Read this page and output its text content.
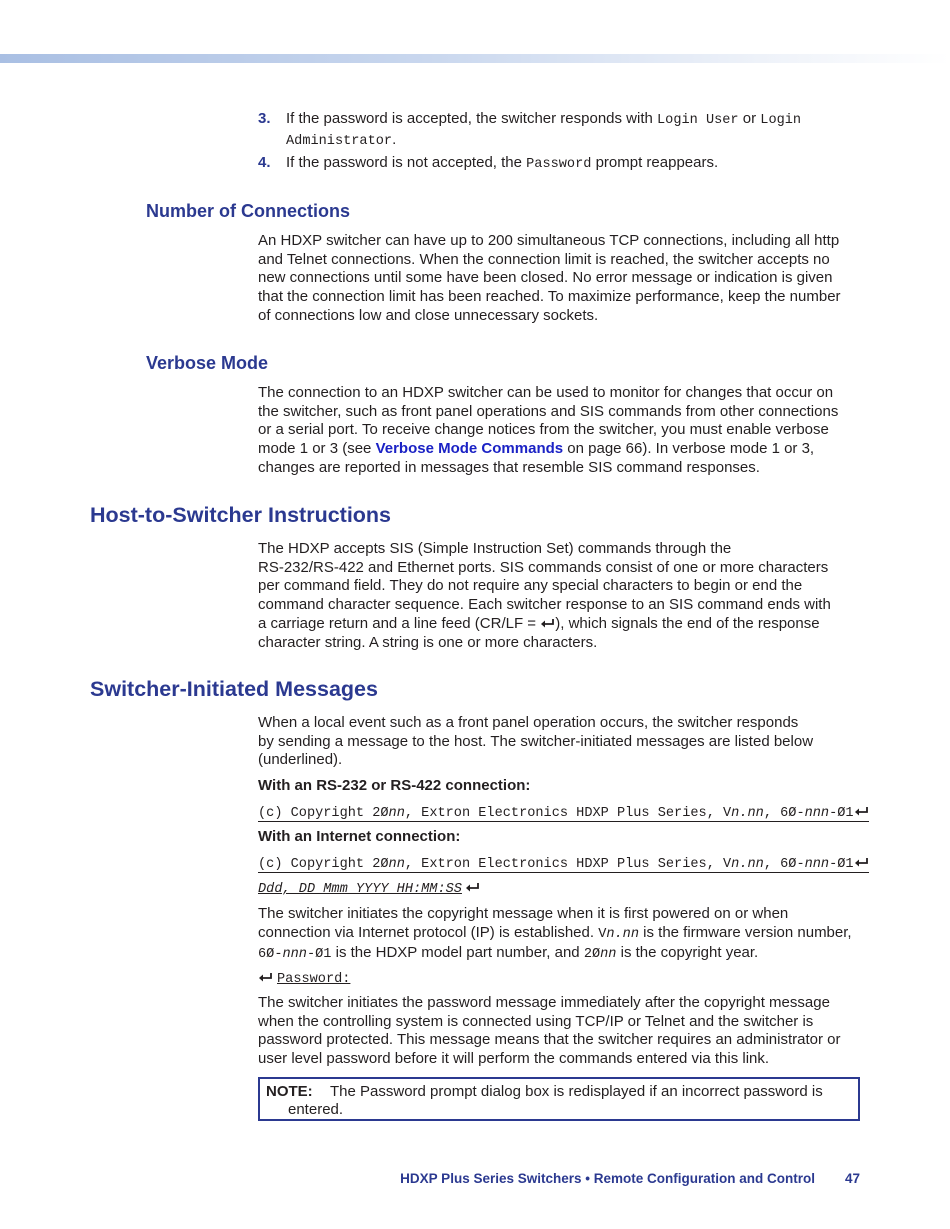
3. If the password is accepted, the switcher responds with Login User or Login
Administrator.
4. If the password is not accepted, the Password prompt reappears.
Number of Connections
An HDXP switcher can have up to 200 simultaneous TCP connections, including all http
and Telnet connections. When the connection limit is reached, the switcher accepts no
new connections until some have been closed. No error message or indication is given
that the connection limit has been reached. To maximize performance, keep the number
of connections low and close unnecessary sockets.
Verbose Mode
The connection to an HDXP switcher can be used to monitor for changes that occur on
the switcher, such as front panel operations and SIS commands from other connections
or a serial port. To receive change notices from the switcher, you must enable verbose
mode 1 or 3 (see Verbose Mode Commands on page 66). In verbose mode 1 or 3,
changes are reported in messages that resemble SIS command responses.
Host-to-Switcher Instructions
The HDXP accepts SIS (Simple Instruction Set) commands through the
RS-232/RS-422 and Ethernet ports. SIS commands consist of one or more characters
per command field. They do not require any special characters to begin or end the
command character sequence. Each switcher response to an SIS command ends with
a carriage return and a line feed (CR/LF = ), which signals the end of the response
character string. A string is one or more characters.
Switcher-Initiated Messages
When a local event such as a front panel operation occurs, the switcher responds
by sending a message to the host. The switcher-initiated messages are listed below
(underlined).
With an RS-232 or RS-422 connection:
(c) Copyright 2Ønn, Extron Electronics HDXP Plus Series, Vn.nn, 6Ø-nnn-Ø1
With an Internet connection:
(c) Copyright 2Ønn, Extron Electronics HDXP Plus Series, Vn.nn, 6Ø-nnn-Ø1
Ddd, DD Mmm YYYY HH:MM:SS
The switcher initiates the copyright message when it is first powered on or when
connection via Internet protocol (IP) is established. Vn.nn is the firmware version number,
6Ø-nnn-Ø1 is the HDXP model part number, and 2Ønn is the copyright year.
Password:
The switcher initiates the password message immediately after the copyright message
when the controlling system is connected using TCP/IP or Telnet and the switcher is
password protected. This message means that the switcher requires an administrator or
user level password before it will perform the commands entered via this link.
NOTE: The Password prompt dialog box is redisplayed if an incorrect password is
entered.
HDXP Plus Series Switchers • Remote Configuration and Control 47
